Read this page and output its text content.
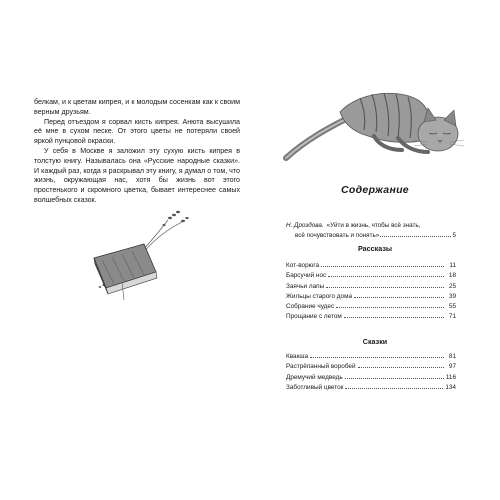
белкам, и к цветам кипрея, и к молодым сосенкам как к своим верным друзьям.

Перед отъездом я сорвал кисть кипрея. Анюта высушила её мне в сухом песке. От этого цветы не потеряли своей яркой пунцовой окраски.

У себя в Москве я заложил эту сухую кисть кипрея в толстую книгу. Называлась она «Русские народные сказки». И каждый раз, когда я раскрывал эту книгу, я думал о том, что жизнь, окружающая нас, хотя бы жизнь вот этого простенького и скромного цветка, бывает интереснее самых волшебных сказок.

Содержание
Н. Дроздова. «Уйти в жизнь, чтобы всё знать,
всё почувствовать и понять»	5
Рассказы
Кот-ворюга	11
Барсучий нос	18
Заячьи лапы	25
Жильцы старого дома	39
Собрание чудес	55
Прощание с летом	71
Сказки
Квакша	81
Растрёпанный воробей	97
Дремучий медведь	116
Заботливый цветок	134
